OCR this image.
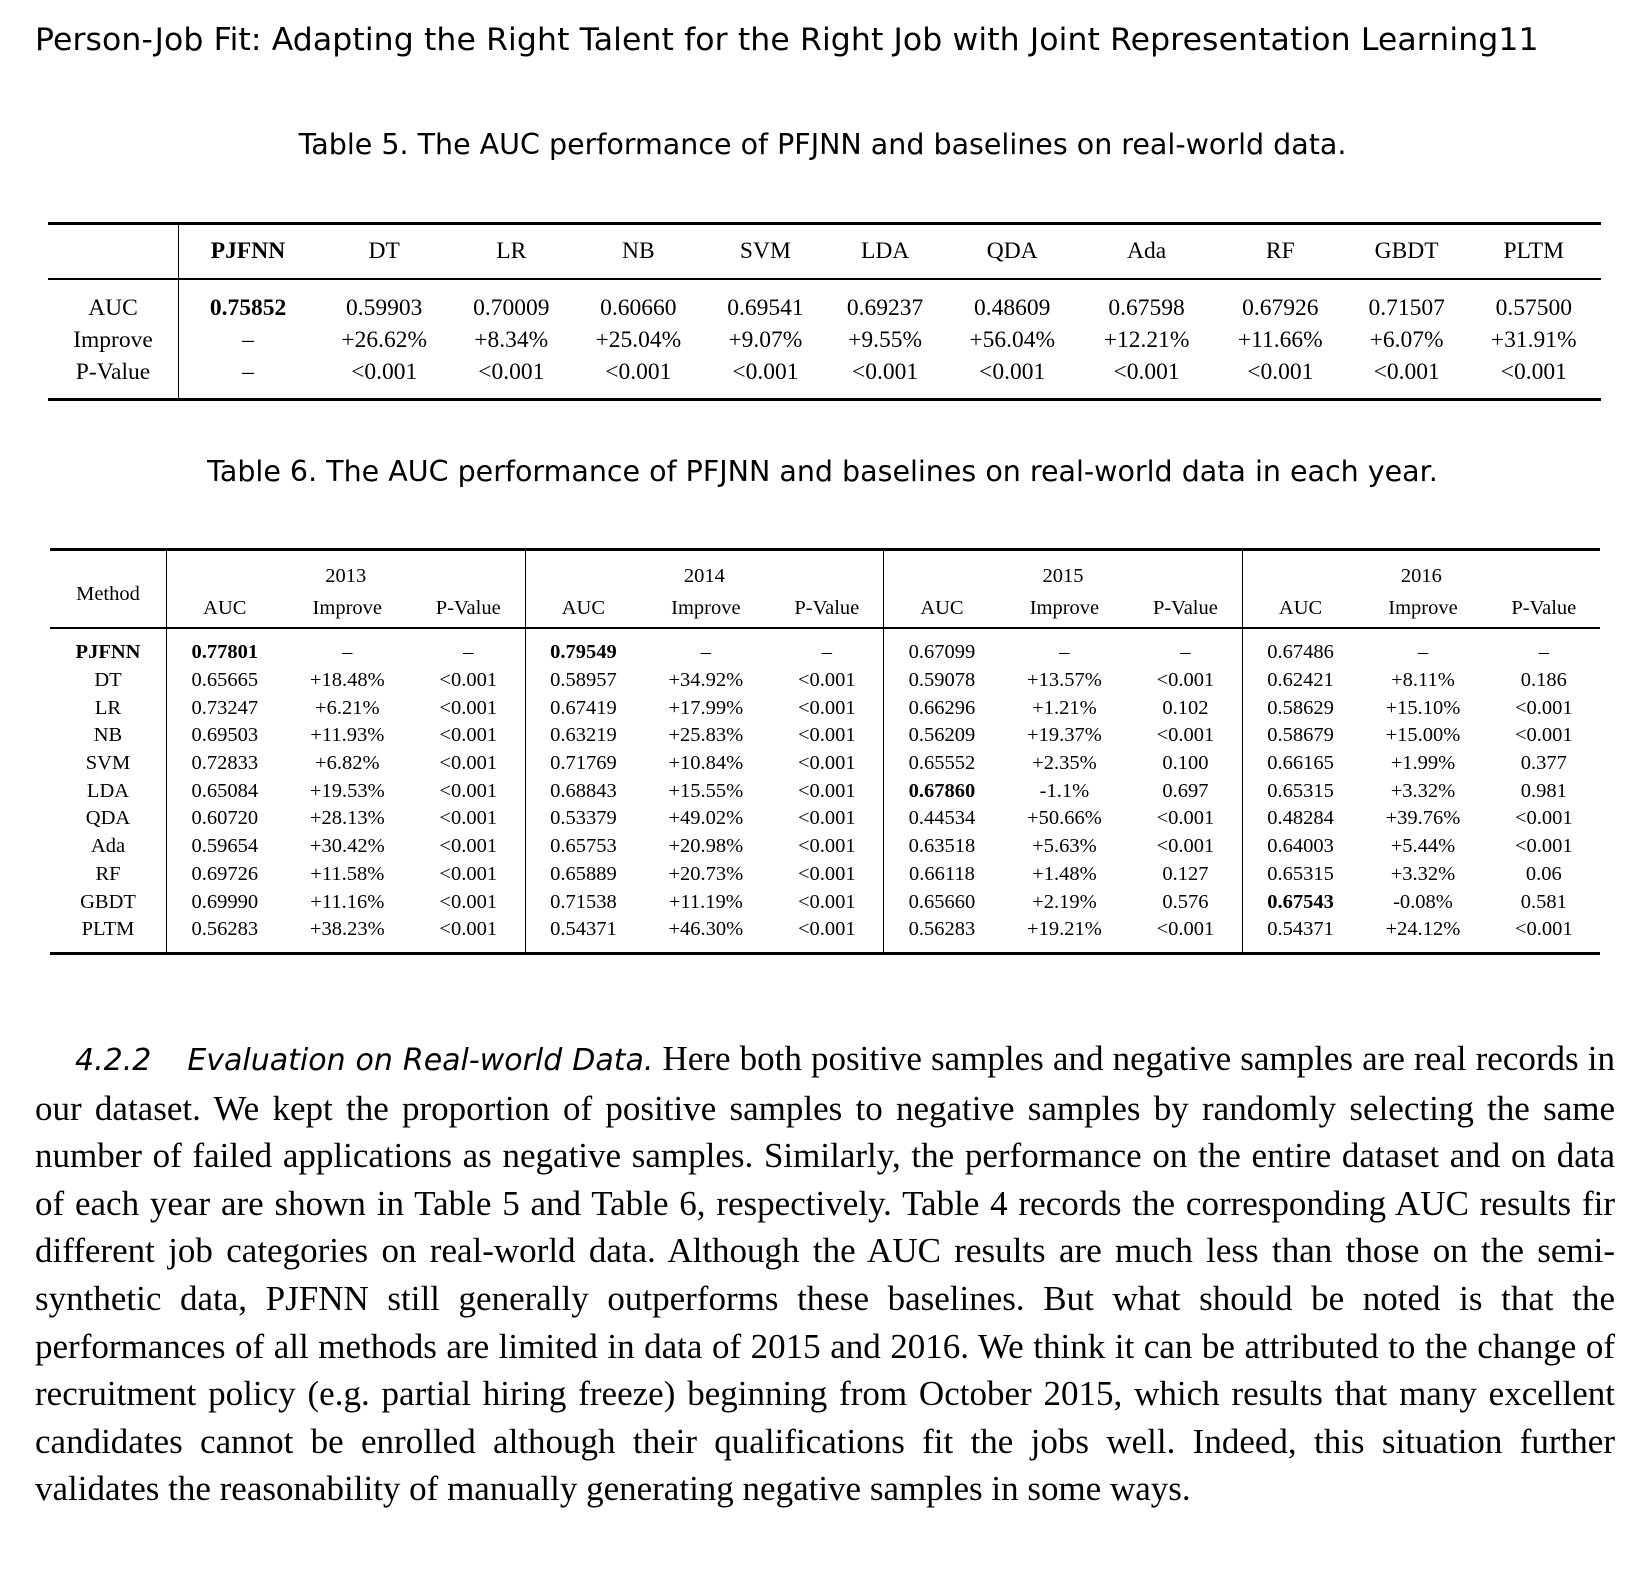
Person-Job Fit: Adapting the Right Talent for the Right Job with Joint Representation Learning11
Table 5. The AUC performance of PFJNN and baselines on real-world data.
	PJFNN	DT	LR	NB	SVM	LDA	QDA	Ada	RF	GBDT	PLTM
AUC	0.75852	0.59903	0.70009	0.60660	0.69541	0.69237	0.48609	0.67598	0.67926	0.71507	0.57500
Improve	–	+26.62%	+8.34%	+25.04%	+9.07%	+9.55%	+56.04%	+12.21%	+11.66%	+6.07%	+31.91%
P-Value	–	<0.001	<0.001	<0.001	<0.001	<0.001	<0.001	<0.001	<0.001	<0.001	<0.001
Table 6. The AUC performance of PFJNN and baselines on real-world data in each year.
Method	2013			2014			2015			2016		
	AUC	Improve	P-Value	AUC	Improve	P-Value	AUC	Improve	P-Value	AUC	Improve	P-Value
PJFNN	0.77801	–	–	0.79549	–	–	0.67099	–	–	0.67486	–	–
DT	0.65665	+18.48%	<0.001	0.58957	+34.92%	<0.001	0.59078	+13.57%	<0.001	0.62421	+8.11%	0.186
LR	0.73247	+6.21%	<0.001	0.67419	+17.99%	<0.001	0.66296	+1.21%	0.102	0.58629	+15.10%	<0.001
NB	0.69503	+11.93%	<0.001	0.63219	+25.83%	<0.001	0.56209	+19.37%	<0.001	0.58679	+15.00%	<0.001
SVM	0.72833	+6.82%	<0.001	0.71769	+10.84%	<0.001	0.65552	+2.35%	0.100	0.66165	+1.99%	0.377
LDA	0.65084	+19.53%	<0.001	0.68843	+15.55%	<0.001	0.67860	-1.1%	0.697	0.65315	+3.32%	0.981
QDA	0.60720	+28.13%	<0.001	0.53379	+49.02%	<0.001	0.44534	+50.66%	<0.001	0.48284	+39.76%	<0.001
Ada	0.59654	+30.42%	<0.001	0.65753	+20.98%	<0.001	0.63518	+5.63%	<0.001	0.64003	+5.44%	<0.001
RF	0.69726	+11.58%	<0.001	0.65889	+20.73%	<0.001	0.66118	+1.48%	0.127	0.65315	+3.32%	0.06
GBDT	0.69990	+11.16%	<0.001	0.71538	+11.19%	<0.001	0.65660	+2.19%	0.576	0.67543	-0.08%	0.581
PLTM	0.56283	+38.23%	<0.001	0.54371	+46.30%	<0.001	0.56283	+19.21%	<0.001	0.54371	+24.12%	<0.001
4.2.2 Evaluation on Real-world Data. Here both positive samples and negative samples are real records in our dataset. We kept the proportion of positive samples to negative samples by randomly selecting the same number of failed applications as negative samples. Similarly, the performance on the entire dataset and on data of each year are shown in Table 5 and Table 6, respectively. Table 4 records the corresponding AUC results fir different job categories on real-world data. Although the AUC results are much less than those on the semi-synthetic data, PJFNN still generally outperforms these baselines. But what should be noted is that the performances of all methods are limited in data of 2015 and 2016. We think it can be attributed to the change of recruitment policy (e.g. partial hiring freeze) beginning from October 2015, which results that many excellent candidates cannot be enrolled although their qualifications fit the jobs well. Indeed, this situation further validates the reasonability of manually generating negative samples in some ways.
